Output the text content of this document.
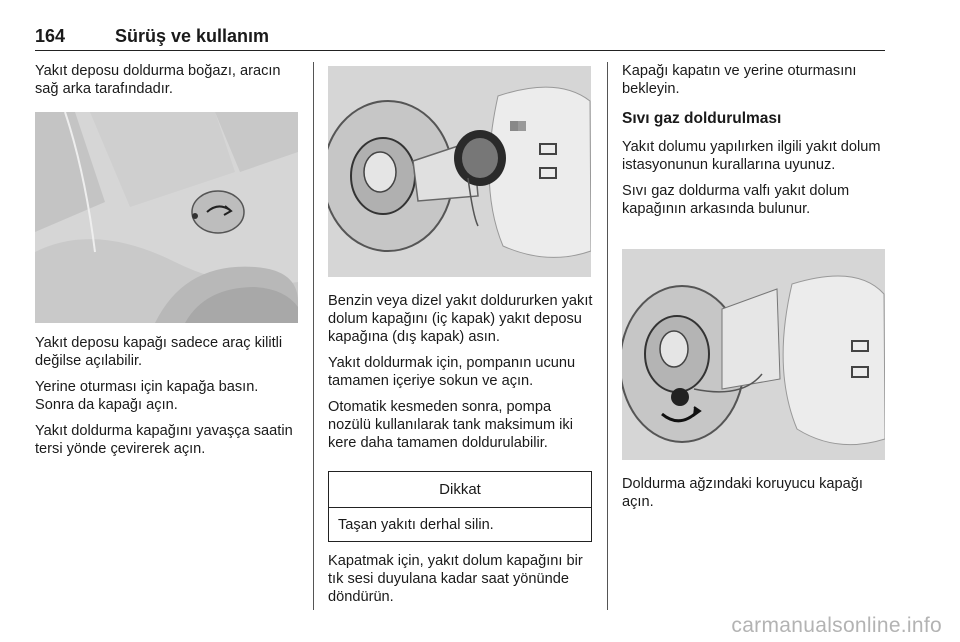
164	Sürüş ve kullanım

Yakıt deposu doldurma boğazı, aracın sağ arka tarafındadır.

Yakıt deposu kapağı sadece araç kilitli değilse açılabilir.

Yerine oturması için kapağa basın. Sonra da kapağı açın.

Yakıt doldurma kapağını yavaşça saatin tersi yönde çevirerek açın.

Benzin veya dizel yakıt doldururken yakıt dolum kapağını (iç kapak) yakıt deposu kapağına (dış kapak) asın.

Yakıt doldurmak için, pompanın ucunu tamamen içeriye sokun ve açın.

Otomatik kesmeden sonra, pompa nozülü kullanılarak tank maksimum iki kere daha tamamen doldurulabilir.

Dikkat
Taşan yakıtı derhal silin.

Kapatmak için, yakıt dolum kapağını bir tık sesi duyulana kadar saat yönünde döndürün.

Kapağı kapatın ve yerine oturmasını bekleyin.

Sıvı gaz doldurulması

Yakıt dolumu yapılırken ilgili yakıt dolum istasyonunun kurallarına uyunuz.

Sıvı gaz doldurma valfı yakıt dolum kapağının arkasında bulunur.

Doldurma ağzındaki koruyucu kapağı açın.

carmanualsonline.info
